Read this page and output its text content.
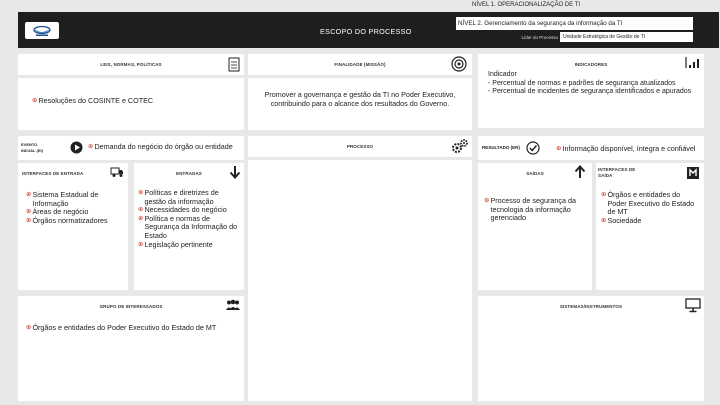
NÍVEL 1. OPERACIONALIZAÇÃO DE TI
ESCOPO DO PROCESSO
NÍVEL 2. Gerenciamento da segurança da informação da TI
Líder do Processo	Unidade Estratégica de Gestão de TI
LEIS, NORMAS, POLÍTICAS	FINALIDADE (MISSÃO)	INDICADORES
⊕ Resoluções do COSINTE e COTEC
Promover a governança e gestão da TI no Poder Executivo, contribuindo para o alcance dos resultados do Governo.
Indicador
- Percentual de normas e padrões de segurança atualizados
- Percentual de incidentes de segurança identificados e apurados
EVENTO INICIAL (EI)	⊕ Demanda do negócio do órgão ou entidade	PROCESSO	RESULTADO (ER)	⊕ Informação disponível, íntegra e confiável
INTERFACES DE ENTRADA	ENTRADAS	SAÍDAS
INTERFACES DE SAÍDA
⊕ Sistema Estadual de Informação
⊕ Áreas de negócio
⊕ Órgãos normatizadores
⊕ Políticas e diretrizes de gestão da informação
⊕ Necessidades do negócio
⊕ Política e normas de Segurança da Informação do Estado
⊕ Legislação pertinente
⊕ Processo de segurança da tecnologia da informação gerenciado
⊕ Órgãos e entidades do Poder Executivo do Estado de MT
⊕ Sociedade
GRUPO DE INTERESSADOS	SISTEMAS/INSTRUMENTOS
⊕ Órgãos e entidades do Poder Executivo do Estado de MT
